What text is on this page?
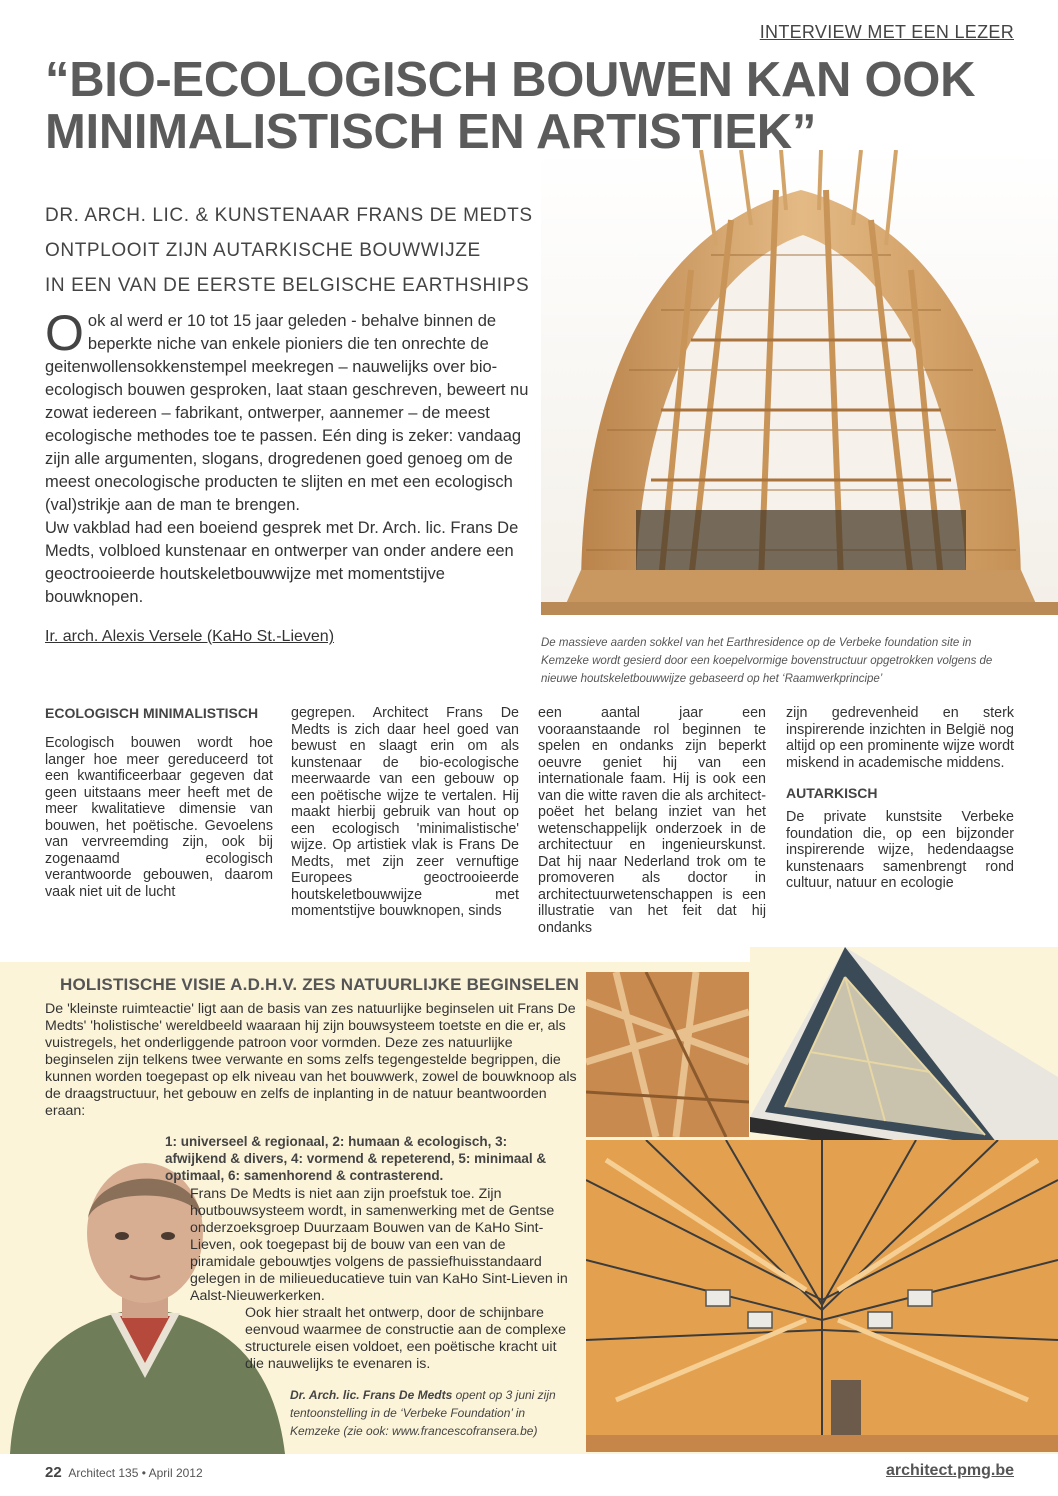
INTERVIEW MET EEN LEZER
“BIO-ECOLOGISCH BOUWEN KAN OOK
MINIMALISTISCH EN ARTISTIEK”
DR. ARCH. LIC. & KUNSTENAAR FRANS DE MEDTS
ONTPLOOIT ZIJN AUTARKISCHE BOUWWIJZE
IN EEN VAN DE EERSTE BELGISCHE EARTHSHIPS

Ook al werd er 10 tot 15 jaar geleden - behalve binnen de beperkte niche van enkele pioniers die ten onrechte de geitenwollensokkenstempel meekregen – nauwelijks over bio-ecologisch bouwen gesproken, laat staan geschreven, beweert nu zowat iedereen – fabrikant, ontwerper, aannemer – de meest ecologische methodes toe te passen. Eén ding is zeker: vandaag zijn alle argumenten, slogans, drogredenen goed genoeg om de meest onecologische producten te slijten en met een ecologisch (val)strikje aan de man te brengen.

Uw vakblad had een boeiend gesprek met Dr. Arch. lic. Frans De Medts, volbloed kunstenaar en ontwerper van onder andere een geoctrooieerde houtskeletbouwwijze met momentstijve bouwknopen.

Ir. arch. Alexis Versele (KaHo St.-Lieven)	De massieve aarden sokkel van het Earthresidence op de Verbeke foundation site in Kemzeke wordt gesierd door een koepelvormige bovenstructuur opgetrokken volgens de nieuwe houtskeletbouwwijze gebaseerd op het ‘Raamwerkprincipe’
ECOLOGISCH MINIMALISTISCH

Ecologisch bouwen wordt hoe langer hoe meer gereduceerd tot een kwantificeerbaar gegeven dat geen uitstaans meer heeft met de meer kwalitatieve dimensie van bouwen, het poëtische. Gevoelens van vervreemding zijn, ook bij zogenaamd ecologisch verantwoorde gebouwen, daarom vaak niet uit de lucht

gegrepen. Architect Frans De Medts is zich daar heel goed van bewust en slaagt erin om als kunstenaar de bio-ecologische meerwaarde van een gebouw op een poëtische wijze te vertalen. Hij maakt hierbij gebruik van hout op een ecologisch 'minimalistische' wijze. Op artistiek vlak is Frans De Medts, met zijn zeer vernuftige Europees geoctrooieerde houtskeletbouwwijze met momentstijve bouwknopen, sinds

een aantal jaar een vooraanstaande rol beginnen te spelen en ondanks zijn beperkt oeuvre geniet hij van een internationale faam. Hij is ook een van die witte raven die als architect-poëet het belang inziet van het wetenschappelijk onderzoek in de architectuur en ingenieurskunst. Dat hij naar Nederland trok om te promoveren als doctor in architectuurwetenschappen is een illustratie van het feit dat hij ondanks

zijn gedrevenheid en sterk inspirerende inzichten in België nog altijd op een prominente wijze wordt miskend in academische middens.

AUTARKISCH

De private kunstsite Verbeke foundation die, op een bijzonder inspirerende wijze, hedendaagse kunstenaars samenbrengt rond cultuur, natuur en ecologie

HOLISTISCHE VISIE A.D.H.V. ZES NATUURLIJKE BEGINSELEN
De 'kleinste ruimteactie' ligt aan de basis van zes natuurlijke beginselen uit Frans De Medts' 'holistische' wereldbeeld waaraan hij zijn bouwsysteem toetste en die er, als vuistregels, het onderliggende patroon voor vormden. Deze zes natuurlijke beginselen zijn telkens twee verwante en soms zelfs tegengestelde begrippen, die kunnen worden toegepast op elk niveau van het bouwwerk, zowel de bouwknoop als de draagstructuur, het gebouw en zelfs de inplanting in de natuur beantwoorden eraan:
1: universeel & regionaal, 2: humaan & ecologisch, 3: afwijkend & divers, 4: vormend & repeterend, 5: minimaal & optimaal, 6: samenhorend & contrasterend.
Frans De Medts is niet aan zijn proefstuk toe. Zijn houtbouwsysteem wordt, in samenwerking met de Gentse onderzoeksgroep Duurzaam Bouwen van de KaHo Sint-Lieven, ook toegepast bij de bouw van een van de piramidale gebouwtjes volgens de passiefhuisstandaard gelegen in de milieueducatieve tuin van KaHo Sint-Lieven in Aalst-Nieuwerkerken.
Ook hier straalt het ontwerp, door de schijnbare eenvoud waarmee de constructie aan de complexe structurele eisen voldoet, een poëtische kracht uit die nauwelijks te evenaren is.
Dr. Arch. lic. Frans De Medts opent op 3 juni zijn tentoonstelling in de ‘Verbeke Foundation’ in Kemzeke (zie ook: www.francescofransera.be)
22 Architect 135 • April 2012	architect.pmg.be
